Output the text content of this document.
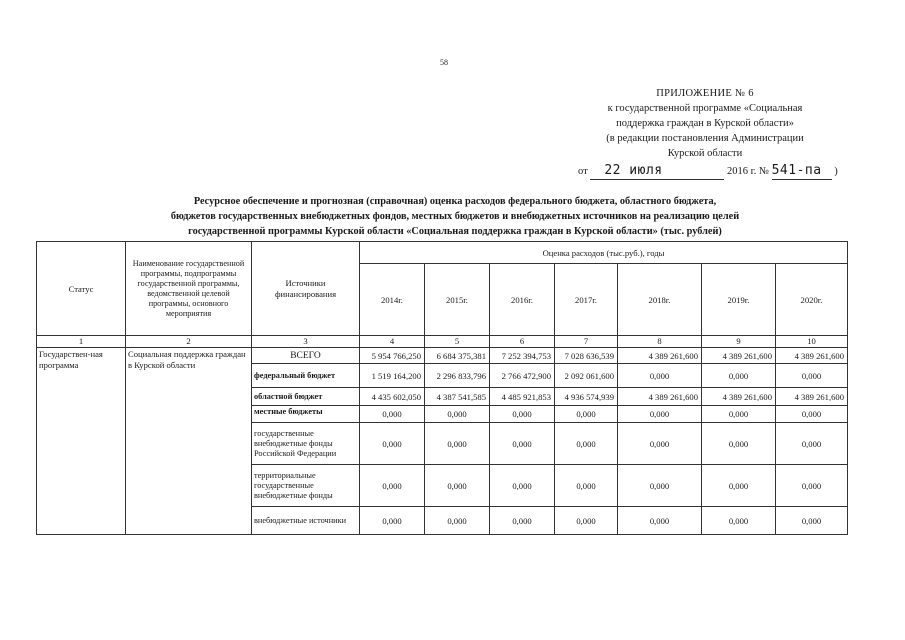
58
ПРИЛОЖЕНИЕ № 6
к государственной программе «Социальная
поддержка граждан в Курской области»
(в редакции постановления Администрации
Курской области
от 22 июля	2016 г. № 541-па )
Ресурсное обеспечение и прогнозная (справочная) оценка расходов федерального бюджета, областного бюджета,
бюджетов государственных внебюджетных фондов, местных бюджетов и внебюджетных источников на реализацию целей
государственной программы Курской области «Социальная поддержка граждан в Курской области» (тыс. рублей)
Статус	Наименование государственной программы, подпрограммы государственной программы, ведомственной целевой программы, основного мероприятия	Источники финансирования	Оценка расходов (тыс.руб.), годы						
			2014г.	2015г.	2016г.	2017г.	2018г.	2019г.	2020г.
1	2	3	4	5	6	7	8	9	10
Государствен-ная программа	Социальная поддержка граждан в Курской области	ВСЕГО	5 954 766,250	6 684 375,381	7 252 394,753	7 028 636,539	4 389 261,600	4 389 261,600	4 389 261,600
		федеральный бюджет	1 519 164,200	2 296 833,796	2 766 472,900	2 092 061,600	0,000	0,000	0,000
		областной бюджет	4 435 602,050	4 387 541,585	4 485 921,853	4 936 574,939	4 389 261,600	4 389 261,600	4 389 261,600
		местные бюджеты	0,000	0,000	0,000	0,000	0,000	0,000	0,000
		государственные внебюджетные фонды Российской Федерации	0,000	0,000	0,000	0,000	0,000	0,000	0,000
		территориальные государственные внебюджетные фонды	0,000	0,000	0,000	0,000	0,000	0,000	0,000
		внебюджетные источники	0,000	0,000	0,000	0,000	0,000	0,000	0,000
